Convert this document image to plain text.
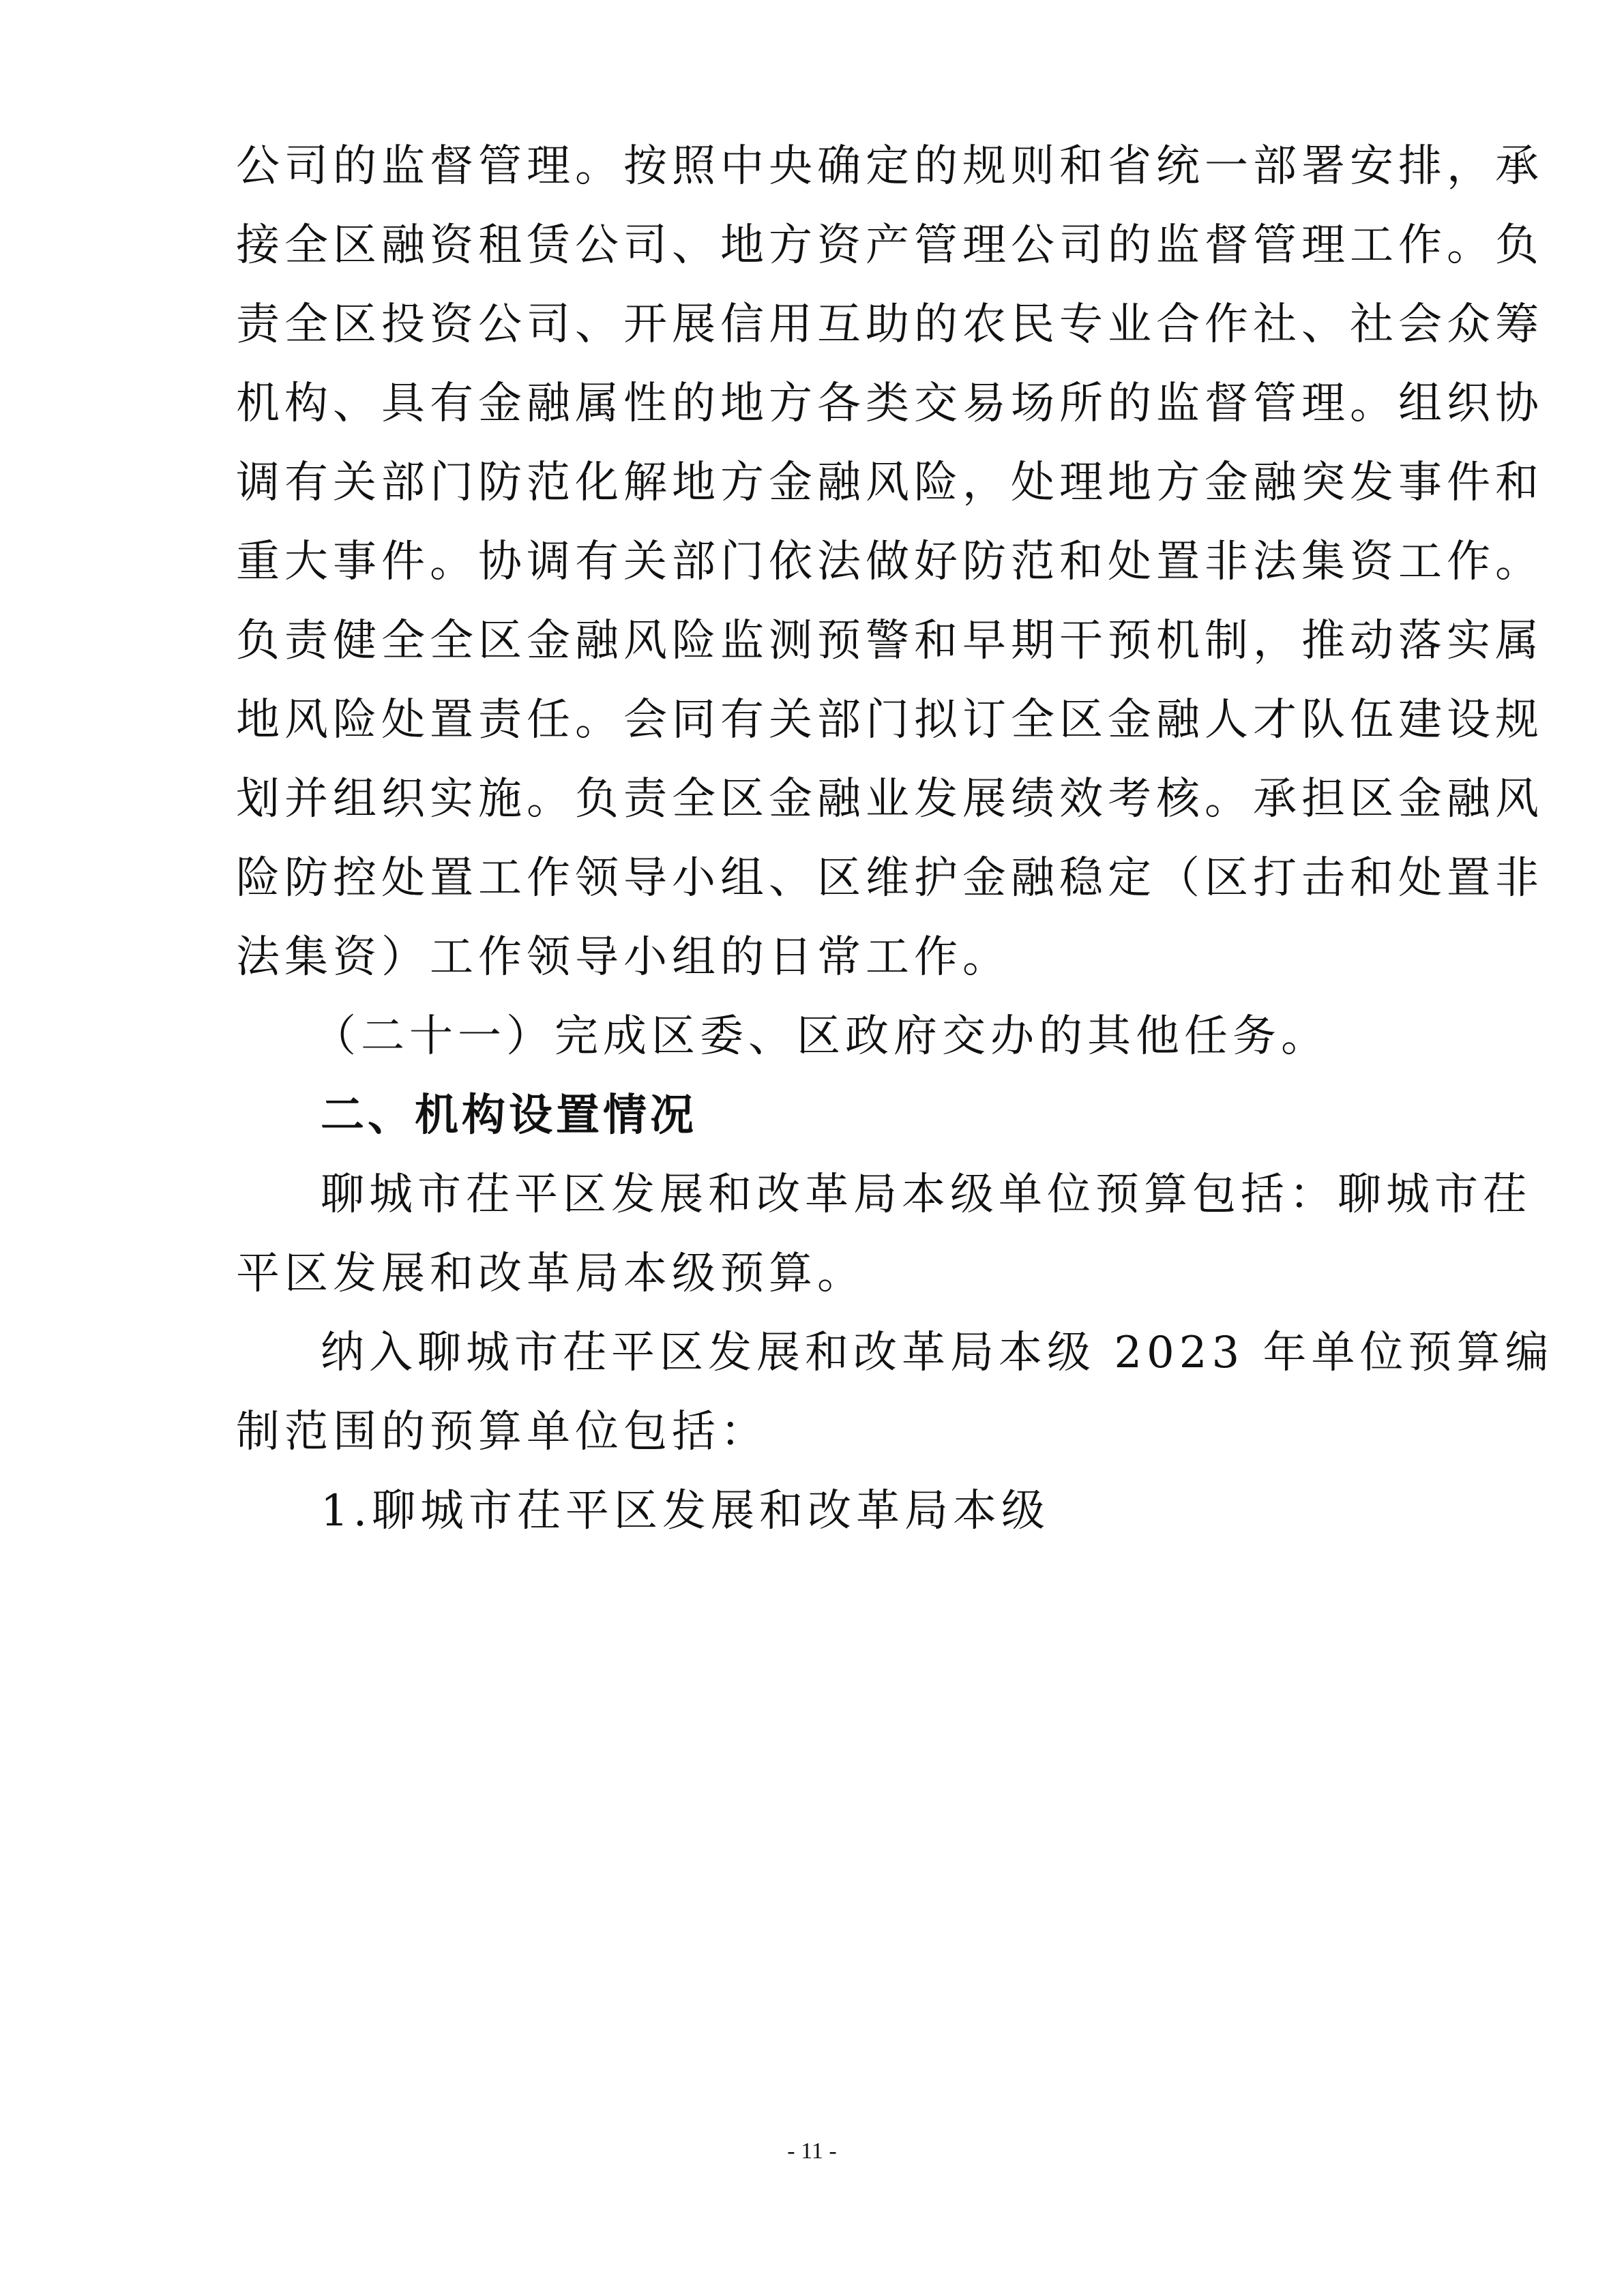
公司的监督管理。按照中央确定的规则和省统一部署安排，承
接全区融资租赁公司、地方资产管理公司的监督管理工作。负
责全区投资公司、开展信用互助的农民专业合作社、社会众筹
机构、具有金融属性的地方各类交易场所的监督管理。组织协
调有关部门防范化解地方金融风险，处理地方金融突发事件和
重大事件。协调有关部门依法做好防范和处置非法集资工作。
负责健全全区金融风险监测预警和早期干预机制，推动落实属
地风险处置责任。会同有关部门拟订全区金融人才队伍建设规
划并组织实施。负责全区金融业发展绩效考核。承担区金融风
险防控处置工作领导小组、区维护金融稳定（区打击和处置非
法集资）工作领导小组的日常工作。
（二十一）完成区委、区政府交办的其他任务。
二、机构设置情况
聊城市茌平区发展和改革局本级单位预算包括：聊城市茌
平区发展和改革局本级预算。
纳入聊城市茌平区发展和改革局本级 2023 年单位预算编
制范围的预算单位包括：
1.聊城市茌平区发展和改革局本级
- 11 -
